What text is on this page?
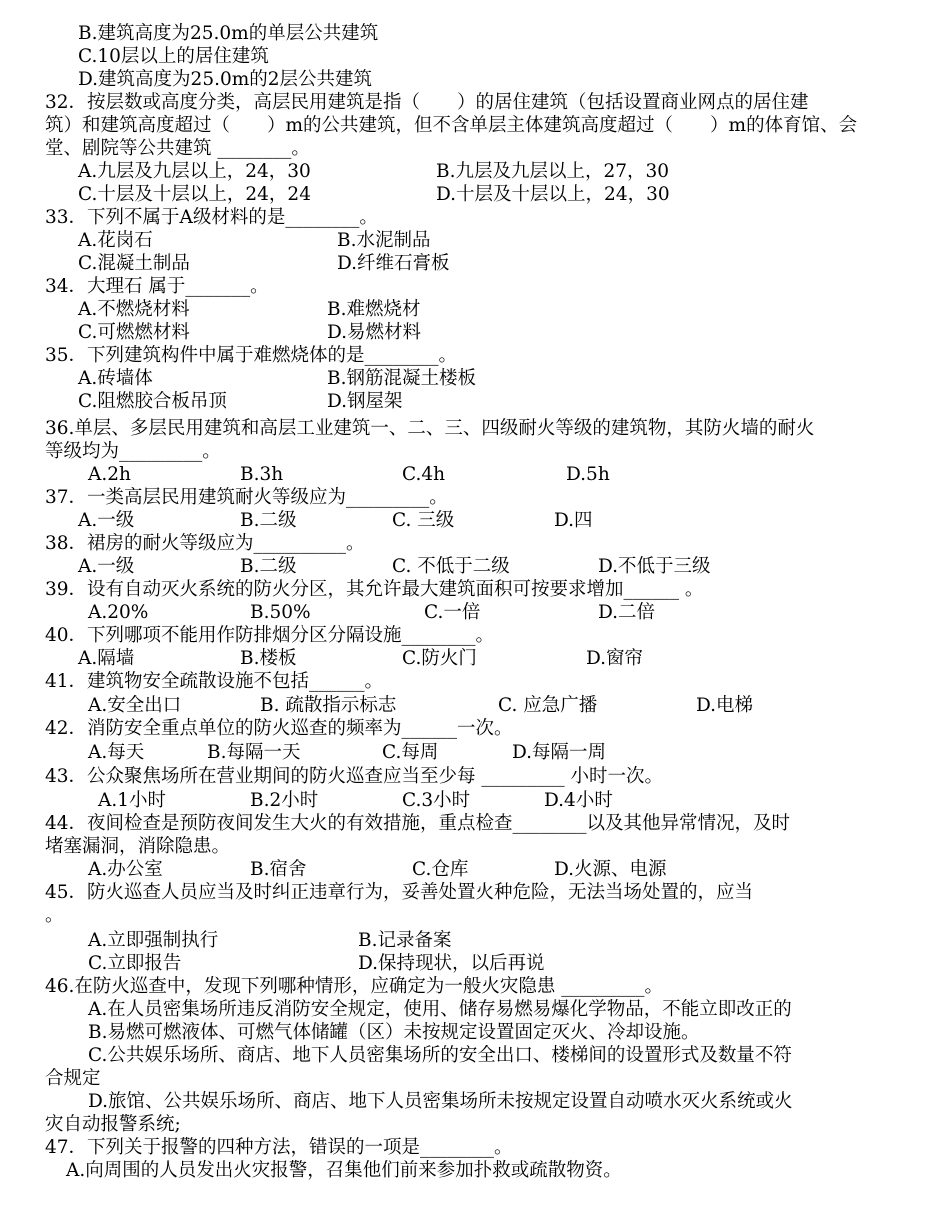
B.建筑高度为25.0m的单层公共建筑
C.10层以上的居住建筑
D.建筑高度为25.0m的2层公共建筑
32．按层数或高度分类，高层民用建筑是指（　　）的居住建筑（包括设置商业网点的居住建
筑）和建筑高度超过（　　）m的公共建筑，但不含单层主体建筑高度超过（　　）m的体育馆、会
堂、剧院等公共建筑 ________。
33．下列不属于A级材料的是________。
34．大理石 属于_______。
35．下列建筑构件中属于难燃烧体的是________。
36.单层、多层民用建筑和高层工业建筑一、二、三、四级耐火等级的建筑物，其防火墙的耐火
等级均为_________。
37．一类高层民用建筑耐火等级应为_________。
38．裙房的耐火等级应为__________。
39．设有自动灭火系统的防火分区，其允许最大建筑面积可按要求增加______ 。
40．下列哪项不能用作防排烟分区分隔设施________。
41．建筑物安全疏散设施不包括______。
42．消防安全重点单位的防火巡查的频率为______一次。
43．公众聚焦场所在营业期间的防火巡查应当至少每 _________ 小时一次。
44．夜间检查是预防夜间发生大火的有效措施，重点检查________以及其他异常情况，及时
堵塞漏洞，消除隐患。
45．防火巡查人员应当及时纠正违章行为，妥善处置火种危险，无法当场处置的，应当
。
46.在防火巡查中，发现下列哪种情形，应确定为一般火灾隐患 _________。
A.在人员密集场所违反消防安全规定，使用、储存易燃易爆化学物品，不能立即改正的
B.易燃可燃液体、可燃气体储罐（区）未按规定设置固定灭火、冷却设施。
C.公共娱乐场所、商店、地下人员密集场所的安全出口、楼梯间的设置形式及数量不符
合规定
D.旅馆、公共娱乐场所、商店、地下人员密集场所未按规定设置自动喷水灭火系统或火
灾自动报警系统;
47．下列关于报警的四种方法，错误的一项是________。
A.向周围的人员发出火灾报警，召集他们前来参加扑救或疏散物资。
A.九层及九层以上，24，30	B.九层及九层以上，27，30
C.十层及十层以上，24，24	D.十层及十层以上，24，30
A.花岗石	B.水泥制品
C.混凝土制品	D.纤维石膏板
A.不燃烧材料	B.难燃烧材
C.可燃燃材料	D.易燃材料
A.砖墙体	B.钢筋混凝土楼板
C.阻燃胶合板吊顶	D.钢屋架
A.2h	B.3h	C.4h	D.5h
A.一级	B.二级	C. 三级	D.四
A.一级	B.二级	C. 不低于二级	D.不低于三级
A.20%	B.50%	C.一倍	D.二倍
A.隔墙	B.楼板	C.防火门	D.窗帘
A.安全出口	B. 疏散指示标志	C. 应急广播	D.电梯
A.每天	B.每隔一天	C.每周	D.每隔一周
A.1小时	B.2小时	C.3小时	D.4小时
A.办公室	B.宿舍	C.仓库	D.火源、电源
A.立即强制执行	B.记录备案
C.立即报告	D.保持现状，以后再说
